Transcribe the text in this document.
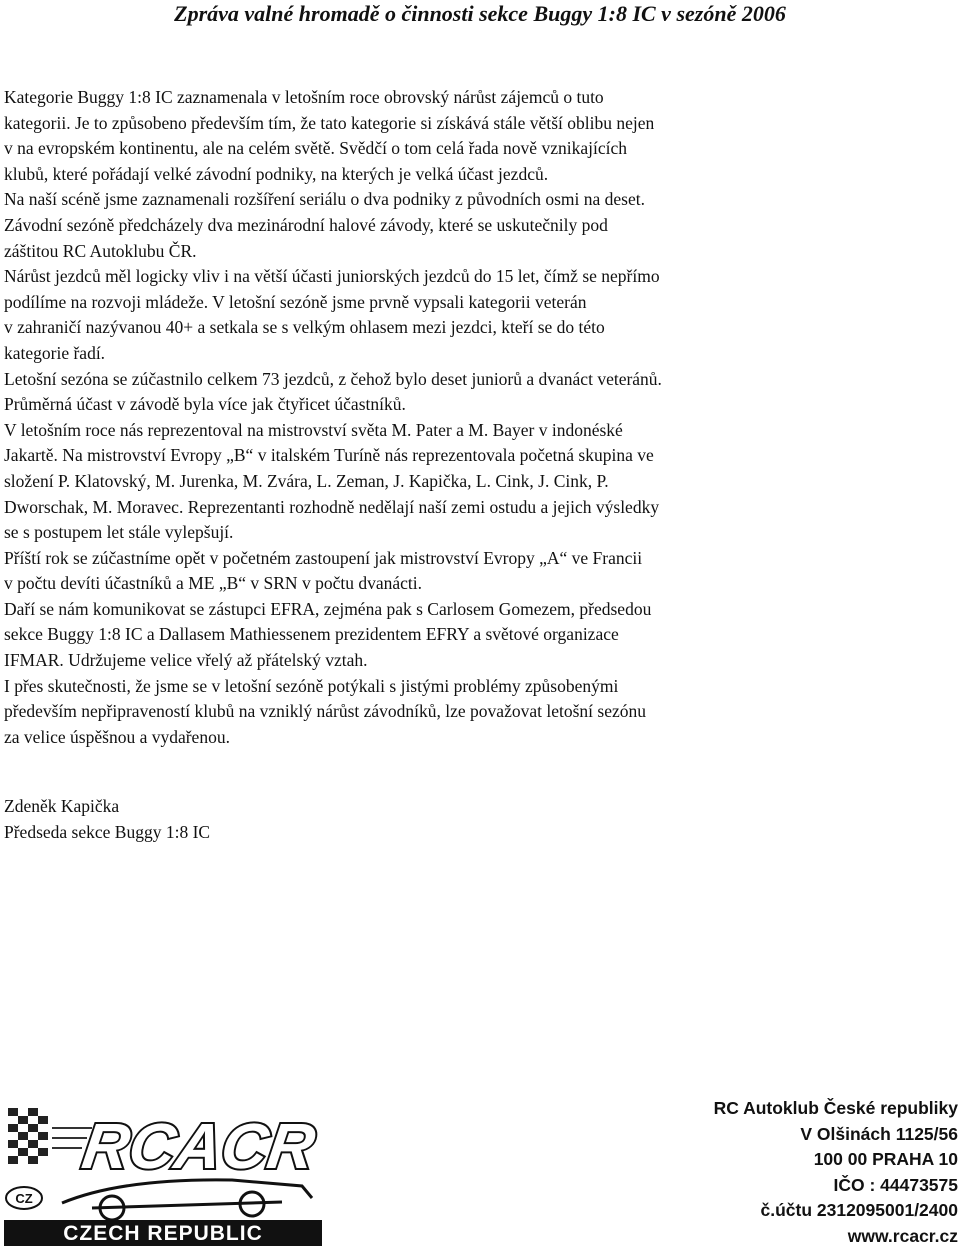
Zpráva valné hromadě o činnosti sekce Buggy 1:8 IC v sezóně 2006

Kategorie Buggy 1:8 IC zaznamenala v letošním roce obrovský nárůst zájemců o tuto

kategorii. Je to způsobeno především tím, že tato kategorie si získává stále větší oblibu nejen

v na evropském kontinentu, ale na celém světě. Svědčí o tom celá řada nově vznikajících

klubů, které pořádají velké závodní podniky, na kterých je velká účast jezdců.

Na naší scéně jsme zaznamenali rozšíření seriálu o dva podniky z původních osmi na deset.

Závodní sezóně předcházely dva mezinárodní halové závody, které se uskutečnily pod

záštitou RC Autoklubu ČR.

Nárůst jezdců měl logicky vliv i na větší účasti juniorských jezdců do 15 let, čímž se nepřímo

podílíme na rozvoji mládeže. V letošní sezóně jsme prvně vypsali kategorii veterán

v zahraničí nazývanou 40+ a setkala se s velkým ohlasem mezi jezdci, kteří se do této

kategorie řadí.

Letošní sezóna se zúčastnilo celkem 73 jezdců, z čehož bylo deset juniorů a dvanáct veteránů.

Průměrná účast v závodě byla více jak čtyřicet účastníků.

V letošním roce nás reprezentoval na mistrovství světa M. Pater a M. Bayer v indonéské

Jakartě. Na mistrovství Evropy „B“ v italském Turíně nás reprezentovala početná skupina ve

složení P. Klatovský, M. Jurenka, M. Zvára, L. Zeman, J. Kapička, L. Cink, J. Cink, P.

Dworschak, M. Moravec. Reprezentanti rozhodně nedělají naší zemi ostudu a jejich výsledky

se s postupem let stále vylepšují.

Příští rok se zúčastníme opět v početném zastoupení jak mistrovství Evropy „A“ ve Francii

v počtu devíti účastníků a ME „B“ v SRN v počtu dvanácti.

Daří se nám komunikovat se zástupci EFRA, zejména pak s Carlosem Gomezem, předsedou

sekce Buggy 1:8 IC a Dallasem Mathiessenem prezidentem EFRY a světové organizace

IFMAR. Udržujeme velice vřelý až přátelský vztah.

I přes skutečnosti, že jsme se v letošní sezóně potýkali s jistými problémy způsobenými

především nepřipraveností klubů na vzniklý nárůst závodníků, lze považovat letošní sezónu

za velice úspěšnou a vydařenou.

Zdeněk Kapička

Předseda sekce Buggy 1:8 IC

RCACR
CZ
CZECH REPUBLIC

RC Autoklub České republiky

V Olšinách 1125/56

100 00 PRAHA 10

IČO : 44473575

č.účtu 2312095001/2400

www.rcacr.cz
